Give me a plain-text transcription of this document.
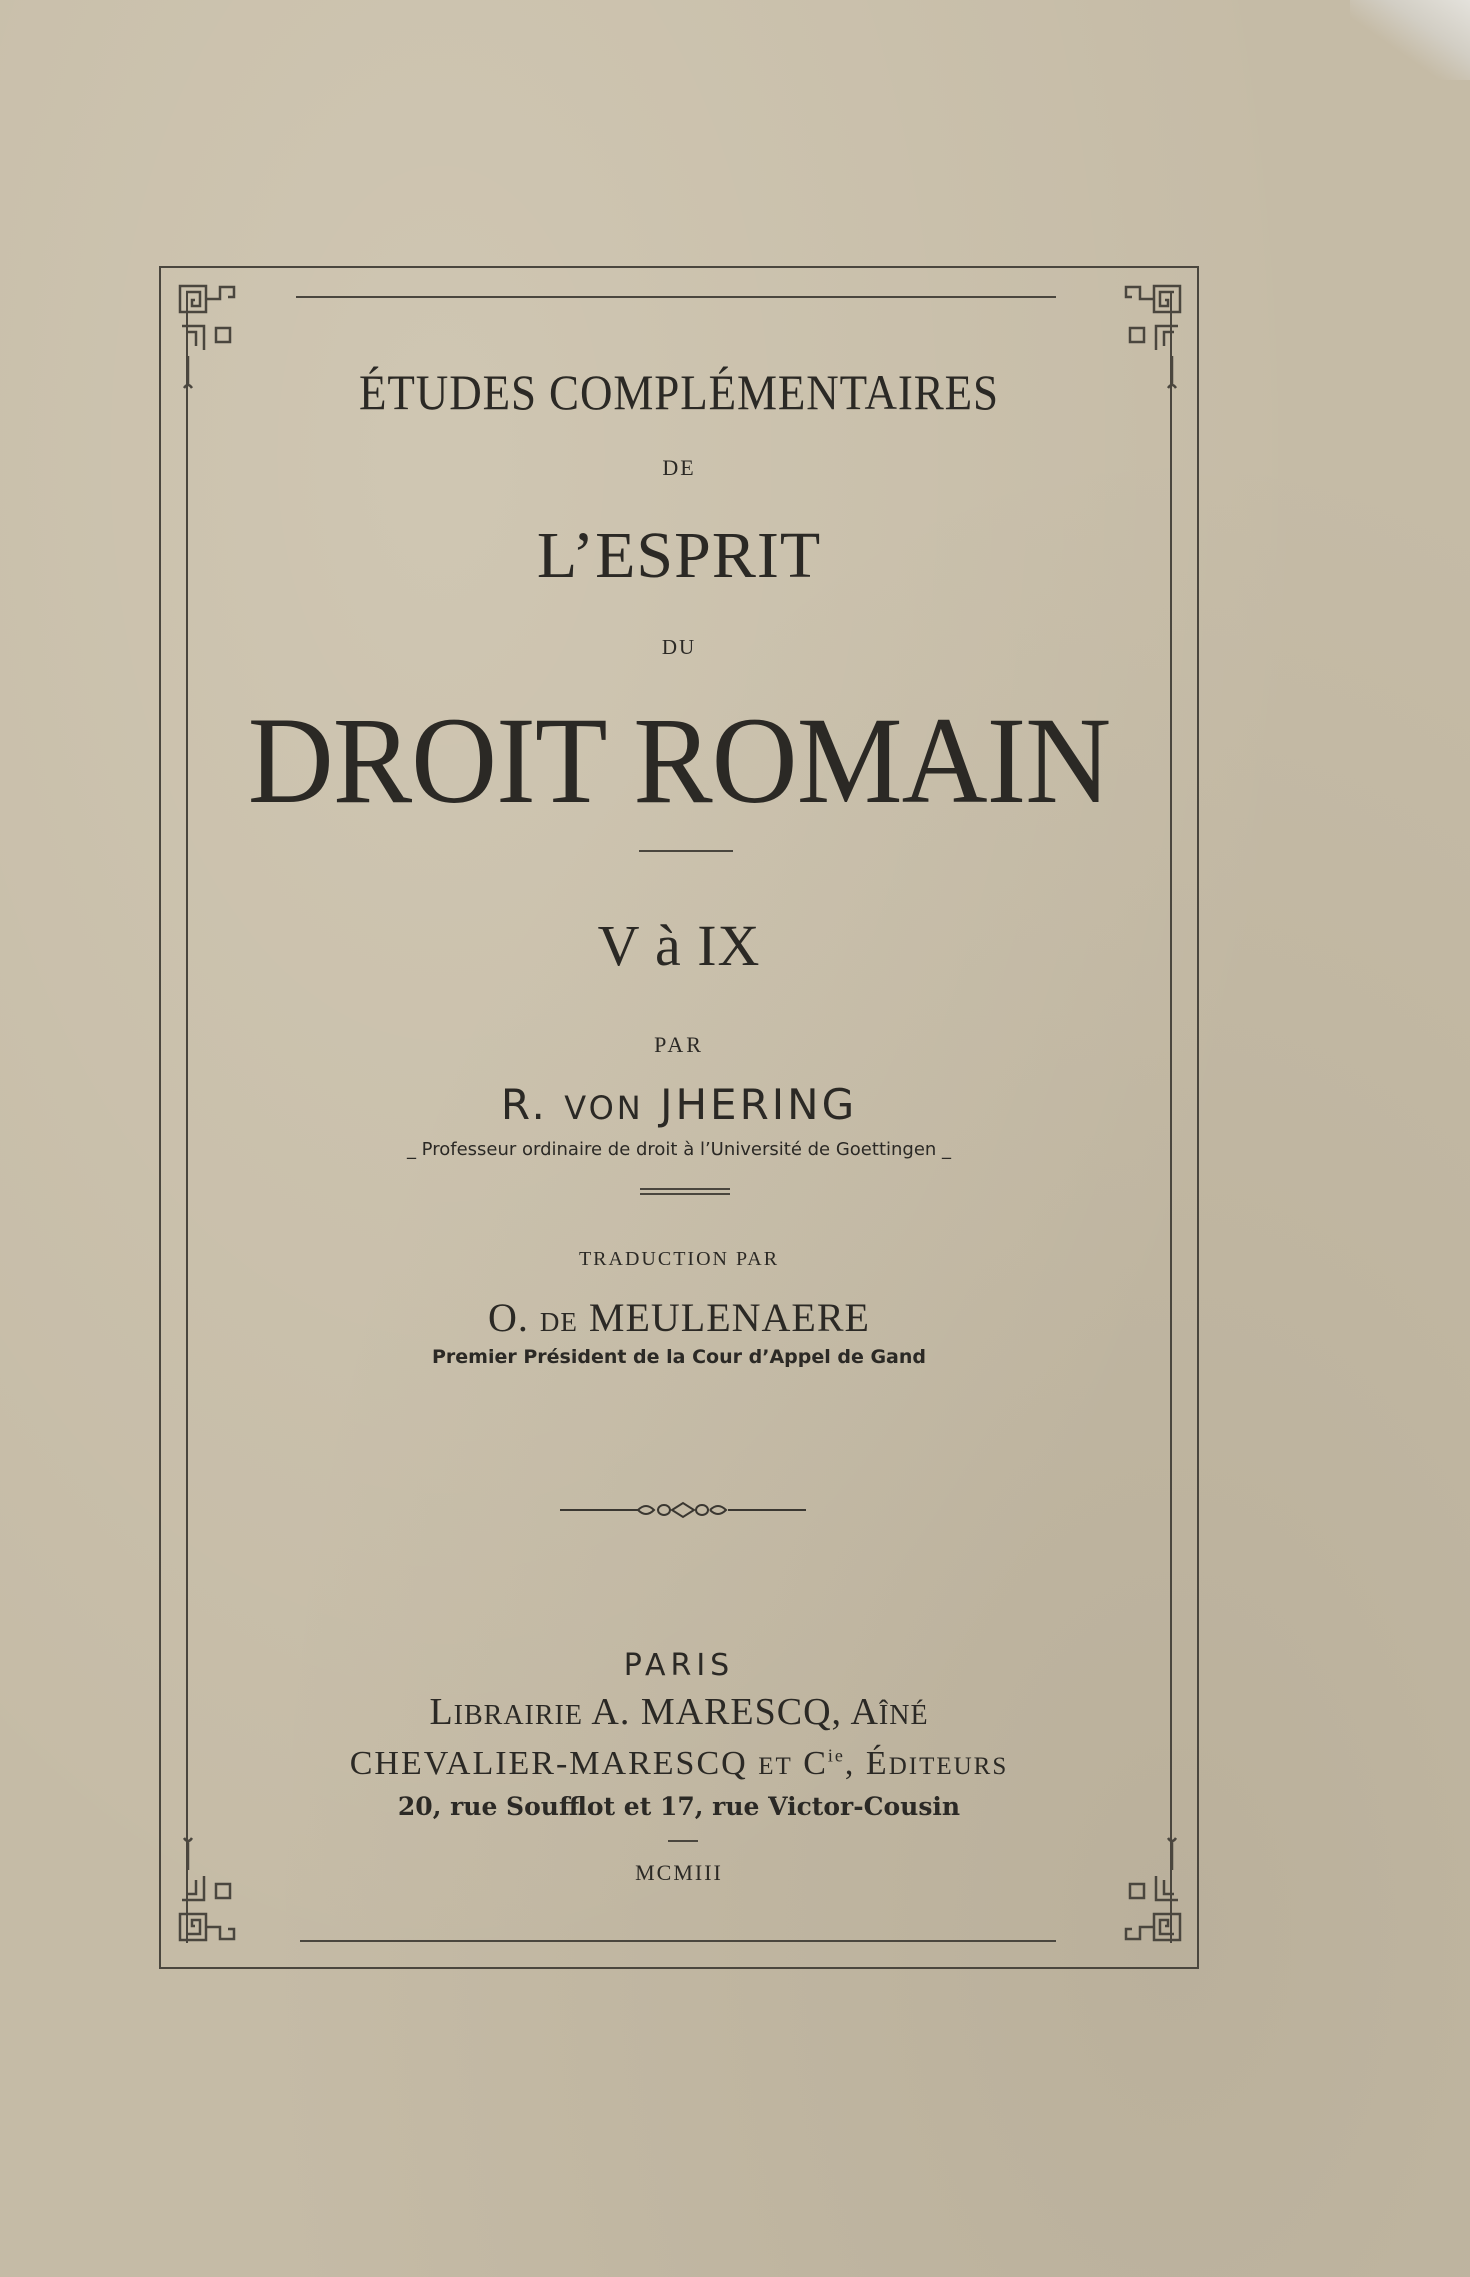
ÉTUDES COMPLÉMENTAIRES
DE
L’ESPRIT
DU
DROIT ROMAIN
V à IX
PAR
R. VON JHERING
_ Professeur ordinaire de droit à l’Université de Goettingen _
TRADUCTION PAR
O. DE MEULENAERE
Premier Président de la Cour d’Appel de Gand
PARIS
LIBRAIRIE A. MARESCQ, AÎNÉ
CHEVALIER-MARESCQ ET $C^{ie}$, ÉDITEURS
20, rue Soufflot et 17, rue Victor-Cousin
MCMIII
